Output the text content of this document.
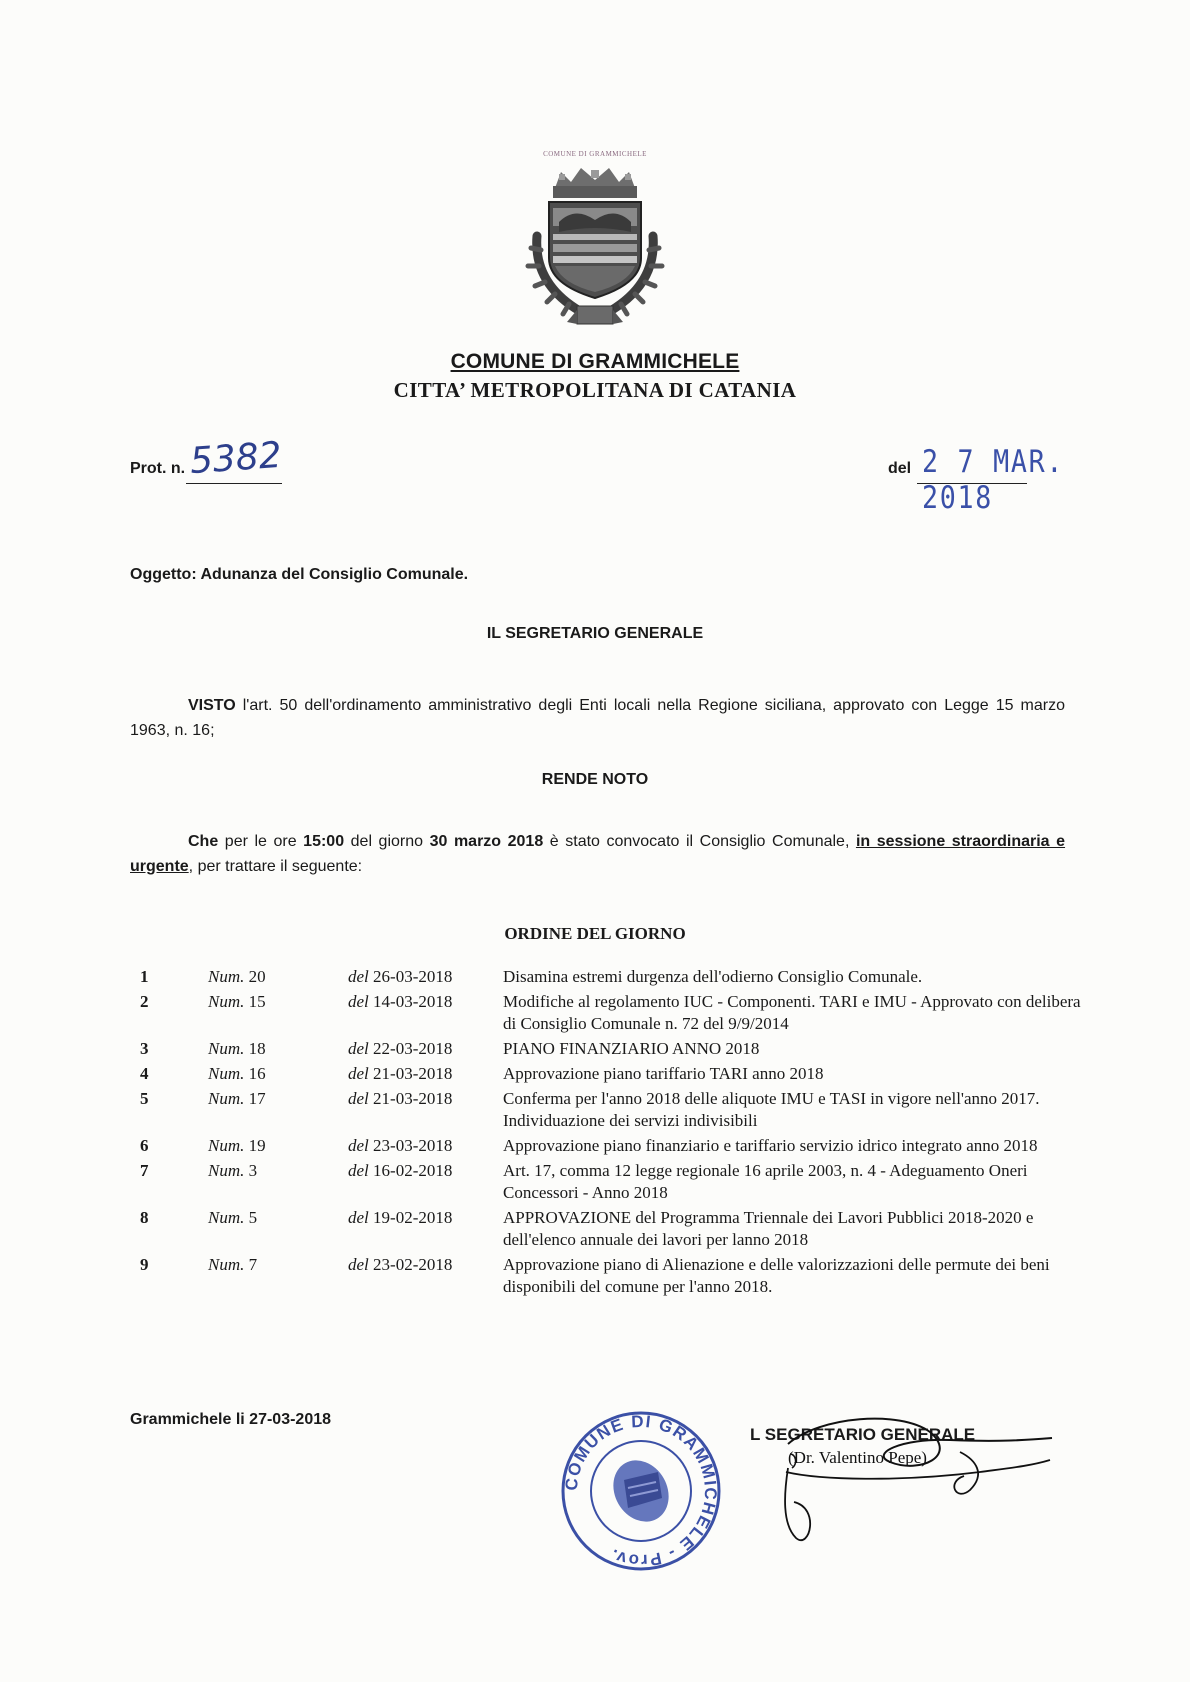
COMUNE DI GRAMMICHELE
COMUNE DI GRAMMICHELE
CITTA’ METROPOLITANA DI CATANIA
Prot. n. 5382	del 2 7 MAR. 2018
Oggetto: Adunanza del Consiglio Comunale.
IL SEGRETARIO GENERALE
VISTO l'art. 50 dell'ordinamento amministrativo degli Enti locali nella Regione siciliana, approvato con Legge 15 marzo 1963, n. 16;
RENDE NOTO
Che per le ore 15:00 del giorno 30 marzo 2018 è stato convocato il Consiglio Comunale, in sessione straordinaria e urgente, per trattare il seguente:
ORDINE DEL GIORNO
1	Num. 20	del 26-03-2018	Disamina estremi durgenza dell'odierno Consiglio Comunale.
2	Num. 15	del 14-03-2018	Modifiche al regolamento IUC - Componenti. TARI e IMU - Approvato con delibera di Consiglio Comunale n. 72 del 9/9/2014
3	Num. 18	del 22-03-2018	PIANO FINANZIARIO ANNO 2018
4	Num. 16	del 21-03-2018	Approvazione piano tariffario TARI anno 2018
5	Num. 17	del 21-03-2018	Conferma per l'anno 2018 delle aliquote IMU e TASI in vigore nell'anno 2017. Individuazione dei servizi indivisibili
6	Num. 19	del 23-03-2018	Approvazione piano finanziario e tariffario servizio idrico integrato anno 2018
7	Num. 3	del 16-02-2018	Art. 17, comma 12 legge regionale 16 aprile 2003, n. 4 - Adeguamento Oneri Concessori - Anno 2018
8	Num. 5	del 19-02-2018	APPROVAZIONE del Programma Triennale dei Lavori Pubblici 2018-2020 e dell'elenco annuale dei lavori per lanno 2018
9	Num. 7	del 23-02-2018	Approvazione piano di Alienazione e delle valorizzazioni delle permute dei beni disponibili del comune per l'anno 2018.
Grammichele li 27-03-2018
COMUNE DI GRAMMICHELE - Prov.
L SEGRETARIO GENERALE
(Dr. Valentino Pepe)
